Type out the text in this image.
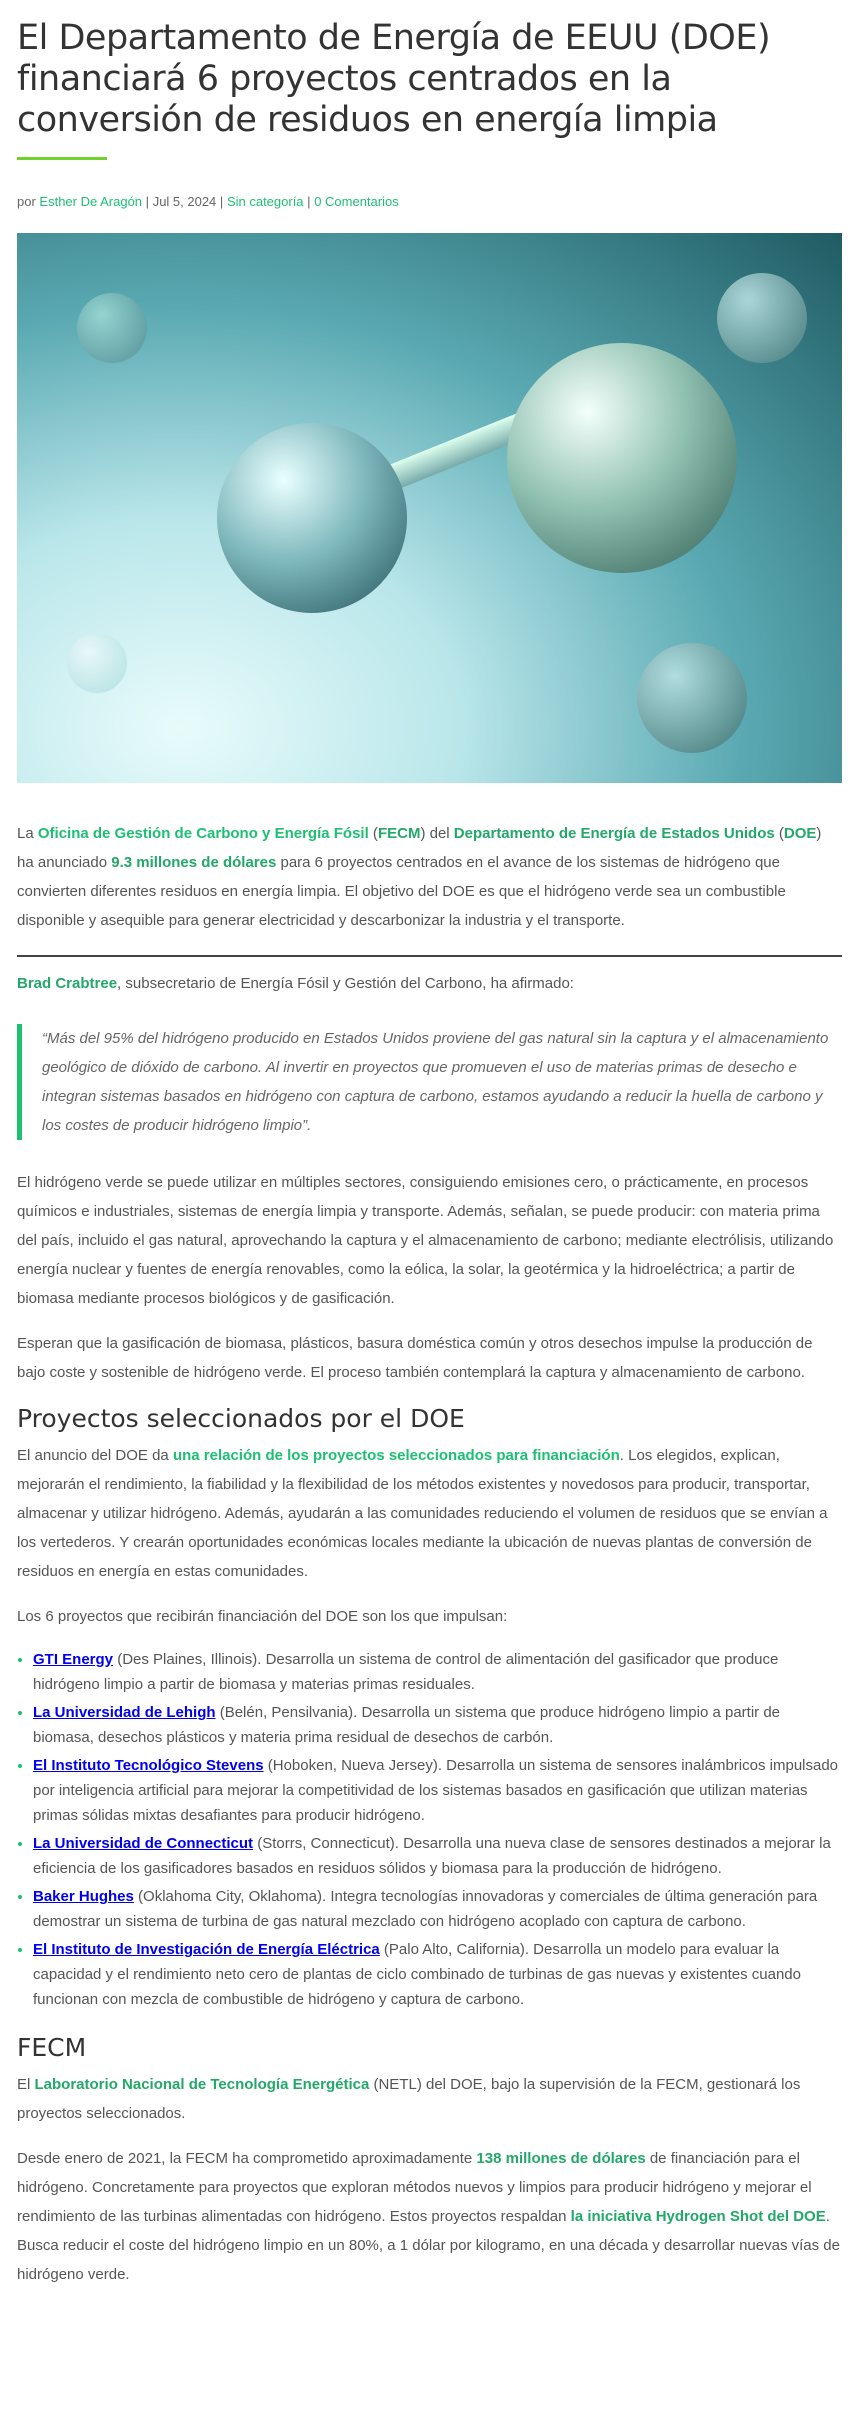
El Departamento de Energía de EEUU (DOE) financiará 6 proyectos centrados en la conversión de residuos en energía limpia
por Esther De Aragón | Jul 5, 2024 | Sin categoría | 0 Comentarios

La Oficina de Gestión de Carbono y Energía Fósil (FECM) del Departamento de Energía de Estados Unidos (DOE) ha anunciado 9.3 millones de dólares para 6 proyectos centrados en el avance de los sistemas de hidrógeno que convierten diferentes residuos en energía limpia. El objetivo del DOE es que el hidrógeno verde sea un combustible disponible y asequible para generar electricidad y descarbonizar la industria y el transporte.

Brad Crabtree, subsecretario de Energía Fósil y Gestión del Carbono, ha afirmado:

“Más del 95% del hidrógeno producido en Estados Unidos proviene del gas natural sin la captura y el almacenamiento geológico de dióxido de carbono. Al invertir en proyectos que promueven el uso de materias primas de desecho e integran sistemas basados en hidrógeno con captura de carbono, estamos ayudando a reducir la huella de carbono y los costes de producir hidrógeno limpio”.

El hidrógeno verde se puede utilizar en múltiples sectores, consiguiendo emisiones cero, o prácticamente, en procesos químicos e industriales, sistemas de energía limpia y transporte. Además, señalan, se puede producir: con materia prima del país, incluido el gas natural, aprovechando la captura y el almacenamiento de carbono; mediante electrólisis, utilizando energía nuclear y fuentes de energía renovables, como la eólica, la solar, la geotérmica y la hidroeléctrica; a partir de biomasa mediante procesos biológicos y de gasificación.

Esperan que la gasificación de biomasa, plásticos, basura doméstica común y otros desechos impulse la producción de bajo coste y sostenible de hidrógeno verde. El proceso también contemplará la captura y almacenamiento de carbono.

Proyectos seleccionados por el DOE

El anuncio del DOE da una relación de los proyectos seleccionados para financiación. Los elegidos, explican, mejorarán el rendimiento, la fiabilidad y la flexibilidad de los métodos existentes y novedosos para producir, transportar, almacenar y utilizar hidrógeno. Además, ayudarán a las comunidades reduciendo el volumen de residuos que se envían a los vertederos. Y crearán oportunidades económicas locales mediante la ubicación de nuevas plantas de conversión de residuos en energía en estas comunidades.

Los 6 proyectos que recibirán financiación del DOE son los que impulsan:

• GTI Energy (Des Plaines, Illinois). Desarrolla un sistema de control de alimentación del gasificador que produce hidrógeno limpio a partir de biomasa y materias primas residuales.
• La Universidad de Lehigh (Belén, Pensilvania). Desarrolla un sistema que produce hidrógeno limpio a partir de biomasa, desechos plásticos y materia prima residual de desechos de carbón.
• El Instituto Tecnológico Stevens (Hoboken, Nueva Jersey). Desarrolla un sistema de sensores inalámbricos impulsado por inteligencia artificial para mejorar la competitividad de los sistemas basados en gasificación que utilizan materias primas sólidas mixtas desafiantes para producir hidrógeno.
• La Universidad de Connecticut (Storrs, Connecticut). Desarrolla una nueva clase de sensores destinados a mejorar la eficiencia de los gasificadores basados en residuos sólidos y biomasa para la producción de hidrógeno.
• Baker Hughes (Oklahoma City, Oklahoma). Integra tecnologías innovadoras y comerciales de última generación para demostrar un sistema de turbina de gas natural mezclado con hidrógeno acoplado con captura de carbono.
• El Instituto de Investigación de Energía Eléctrica (Palo Alto, California). Desarrolla un modelo para evaluar la capacidad y el rendimiento neto cero de plantas de ciclo combinado de turbinas de gas nuevas y existentes cuando funcionan con mezcla de combustible de hidrógeno y captura de carbono.
FECM

El Laboratorio Nacional de Tecnología Energética (NETL) del DOE, bajo la supervisión de la FECM, gestionará los proyectos seleccionados.

Desde enero de 2021, la FECM ha comprometido aproximadamente 138 millones de dólares de financiación para el hidrógeno. Concretamente para proyectos que exploran métodos nuevos y limpios para producir hidrógeno y mejorar el rendimiento de las turbinas alimentadas con hidrógeno. Estos proyectos respaldan la iniciativa Hydrogen Shot del DOE. Busca reducir el coste del hidrógeno limpio en un 80%, a 1 dólar por kilogramo, en una década y desarrollar nuevas vías de hidrógeno verde.
